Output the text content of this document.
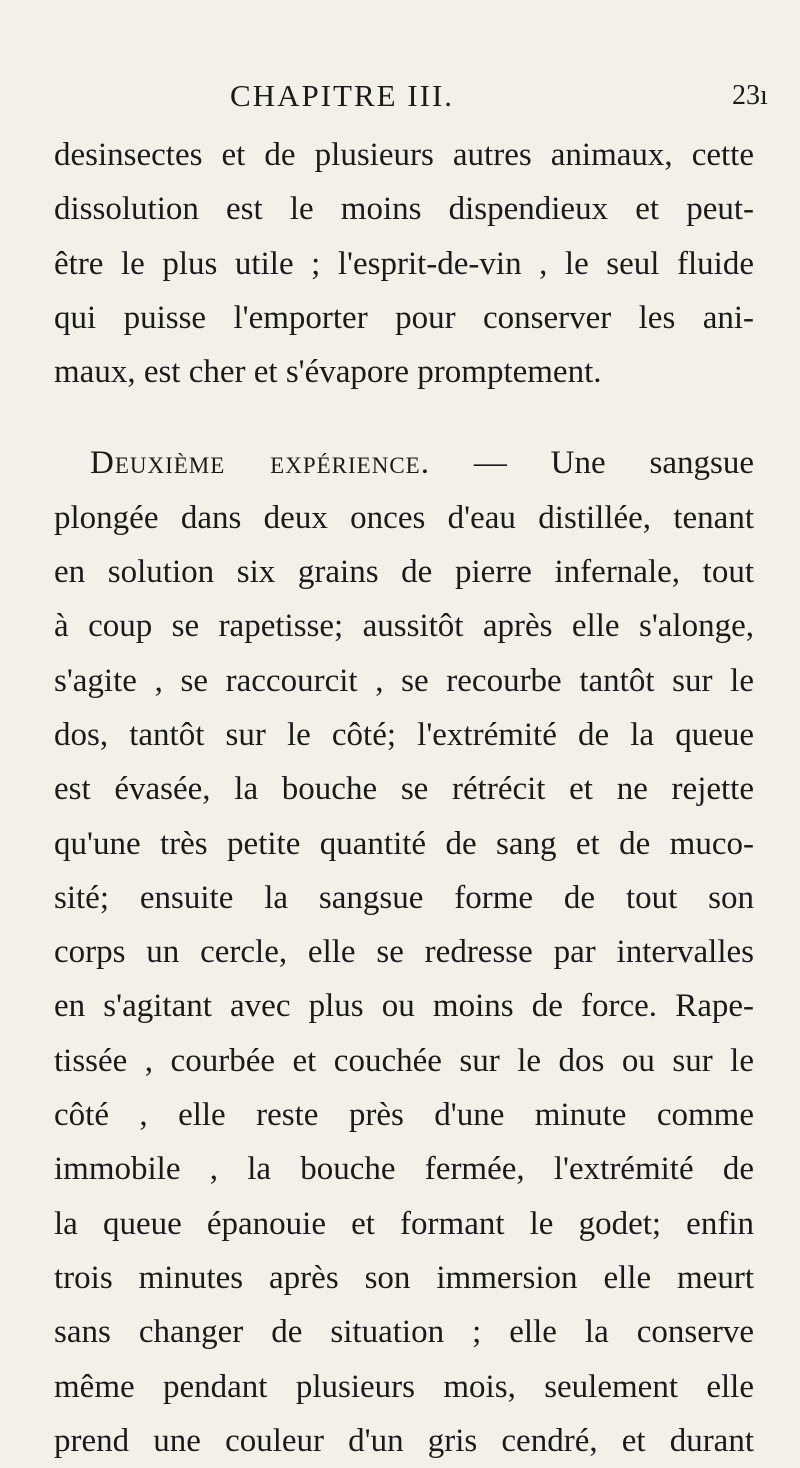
CHAPITRE III.	23ı
desinsectes et de plusieurs autres animaux, cette
dissolution est le moins dispendieux et peut-
être le plus utile ; l'esprit-de-vin , le seul fluide
qui puisse l'emporter pour conserver les ani-
maux, est cher et s'évapore promptement.
Deuxième expérience. — Une sangsue
plongée dans deux onces d'eau distillée, tenant
en solution six grains de pierre infernale, tout
à coup se rapetisse; aussitôt après elle s'alonge,
s'agite , se raccourcit , se recourbe tantôt sur le
dos, tantôt sur le côté; l'extrémité de la queue
est évasée, la bouche se rétrécit et ne rejette
qu'une très petite quantité de sang et de muco-
sité; ensuite la sangsue forme de tout son
corps un cercle, elle se redresse par intervalles
en s'agitant avec plus ou moins de force. Rape-
tissée , courbée et couchée sur le dos ou sur le
côté , elle reste près d'une minute comme
immobile , la bouche fermée, l'extrémité de
la queue épanouie et formant le godet; enfin
trois minutes après son immersion elle meurt
sans changer de situation ; elle la conserve
même pendant plusieurs mois, seulement elle
prend une couleur d'un gris cendré, et durant
